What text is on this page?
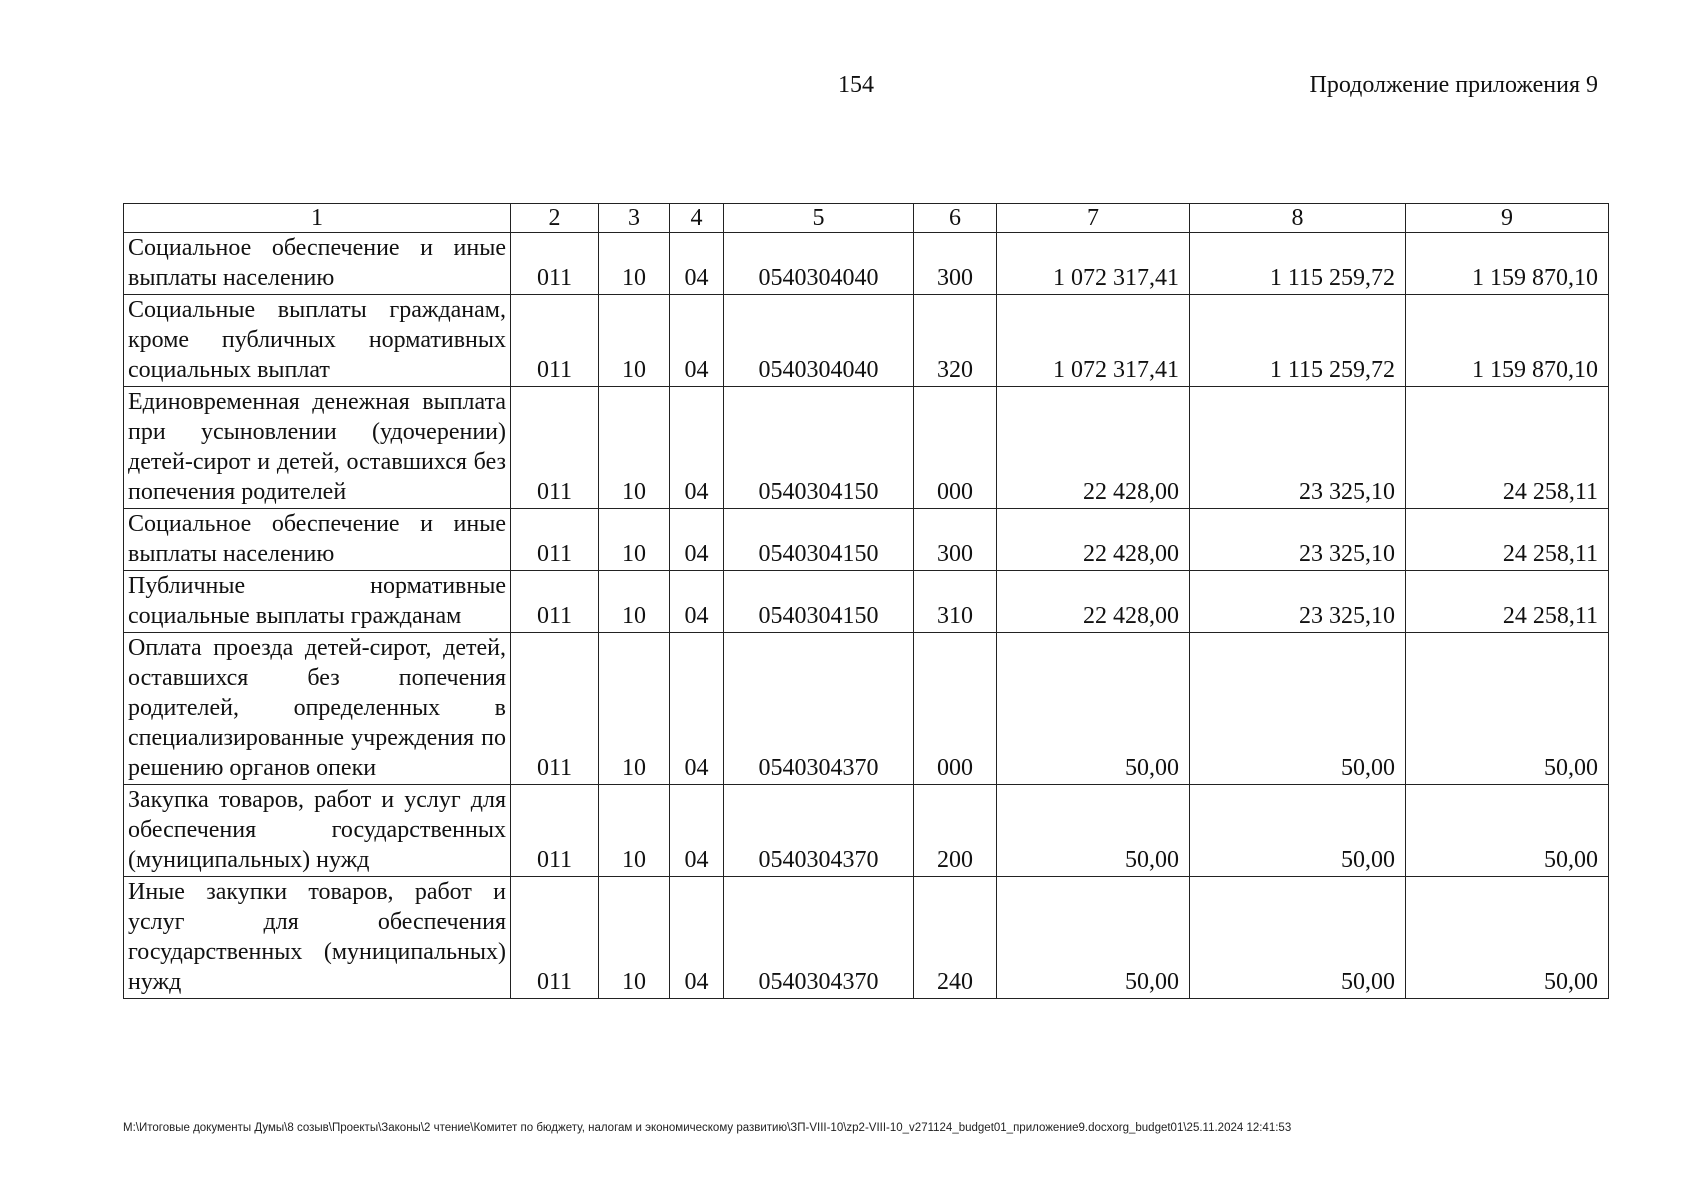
154	Продолжение приложения 9
1	2	3	4	5	6	7	8	9
Социальное обеспечение и иные выплаты населению	011	10	04	0540304040	300	1 072 317,41	1 115 259,72	1 159 870,10
Социальные выплаты гражданам, кроме публичных нормативных социальных выплат	011	10	04	0540304040	320	1 072 317,41	1 115 259,72	1 159 870,10
Единовременная денежная выплата при усыновлении (удочерении) детей-сирот и детей, оставшихся без попечения родителей	011	10	04	0540304150	000	22 428,00	23 325,10	24 258,11
Социальное обеспечение и иные выплаты населению	011	10	04	0540304150	300	22 428,00	23 325,10	24 258,11
Публичные нормативные социальные выплаты гражданам	011	10	04	0540304150	310	22 428,00	23 325,10	24 258,11
Оплата проезда детей-сирот, детей, оставшихся без попечения родителей, определенных в специализированные учреждения по решению органов опеки	011	10	04	0540304370	000	50,00	50,00	50,00
Закупка товаров, работ и услуг для обеспечения государственных (муниципальных) нужд	011	10	04	0540304370	200	50,00	50,00	50,00
Иные закупки товаров, работ и услуг для обеспечения государственных (муниципальных) нужд	011	10	04	0540304370	240	50,00	50,00	50,00
M:\Итоговые документы Думы\8 созыв\Проекты\Законы\2 чтение\Комитет по бюджету, налогам и экономическому развитию\ЗП-VIII-10\zp2-VIII-10_v271124_budget01_приложение9.docxorg_budget01\25.11.2024 12:41:53
